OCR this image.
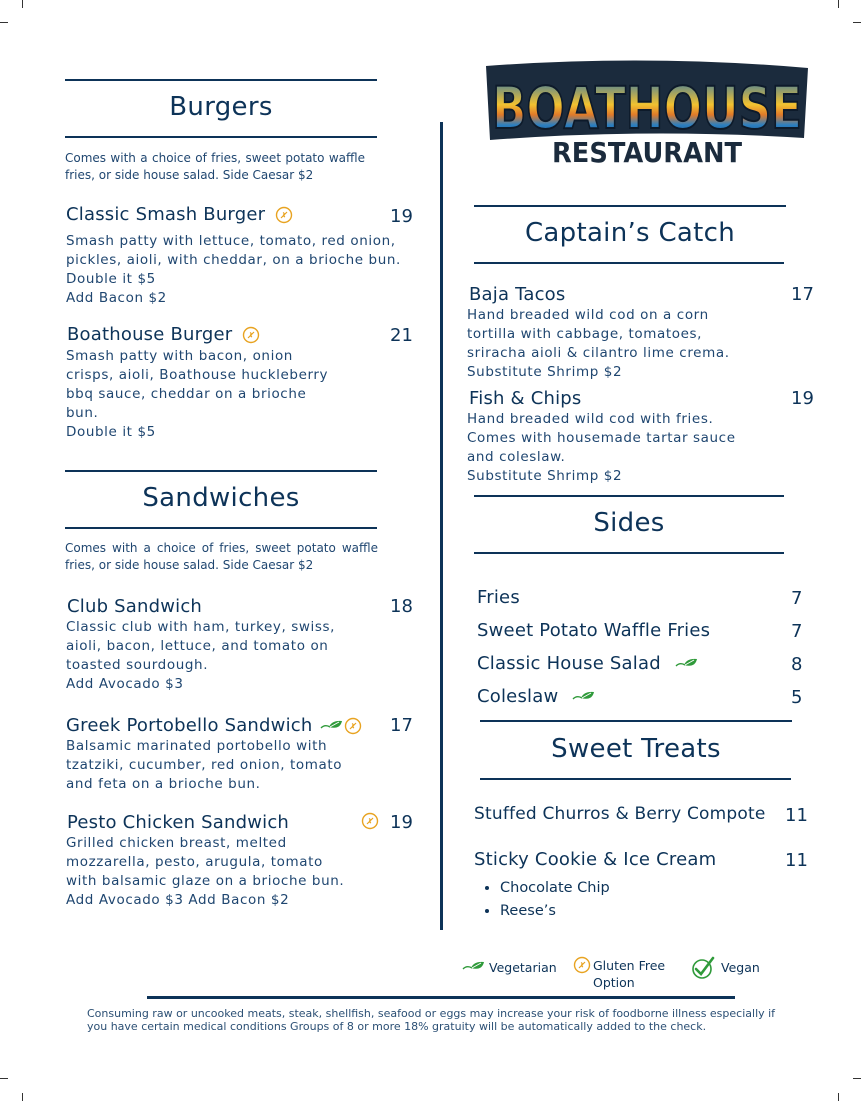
Burgers
Comes with a choice of fries, sweet potato waffle fries, or side house salad. Side Caesar $2
Classic Smash Burger	19
Smash patty with lettuce, tomato, red onion,
pickles, aioli, with cheddar, on a brioche bun.
Double it $5
Add Bacon $2
Boathouse Burger	21
Smash patty with bacon, onion
crisps, aioli, Boathouse huckleberry
bbq sauce, cheddar on a brioche
bun.
Double it $5
Sandwiches
Comes with a choice of fries, sweet potato waffle fries, or side house salad. Side Caesar $2
Club Sandwich	18
Classic club with ham, turkey, swiss,
aioli, bacon, lettuce, and tomato on
toasted sourdough.
Add Avocado $3
Greek Portobello Sandwich	17
Balsamic marinated portobello with
tzatziki, cucumber, red onion, tomato
and feta on a brioche bun.
Pesto Chicken Sandwich	19
Grilled chicken breast, melted
mozzarella, pesto, arugula, tomato
with balsamic glaze on a brioche bun.
Add Avocado $3 Add Bacon $2
BOATHOUSE
RESTAURANT
Captain’s Catch
Baja Tacos	17
Hand breaded wild cod on a corn
tortilla with cabbage, tomatoes,
sriracha aioli & cilantro lime crema.
Substitute Shrimp $2
Fish & Chips	19
Hand breaded wild cod with fries.
Comes with housemade tartar sauce
and coleslaw.
Substitute Shrimp $2
Sides
Fries	7
Sweet Potato Waffle Fries	7
Classic House Salad	8
Coleslaw	5
Sweet Treats
Stuffed Churros & Berry Compote 11
Sticky Cookie & Ice Cream	11
• Chocolate Chip
• Reese’s
Vegetarian	Gluten Free
Option
Vegan
Consuming raw or uncooked meats, steak, shellfish, seafood or eggs may increase your risk of foodborne illness especially if
you have certain medical conditions Groups of 8 or more 18% gratuity will be automatically added to the check.
